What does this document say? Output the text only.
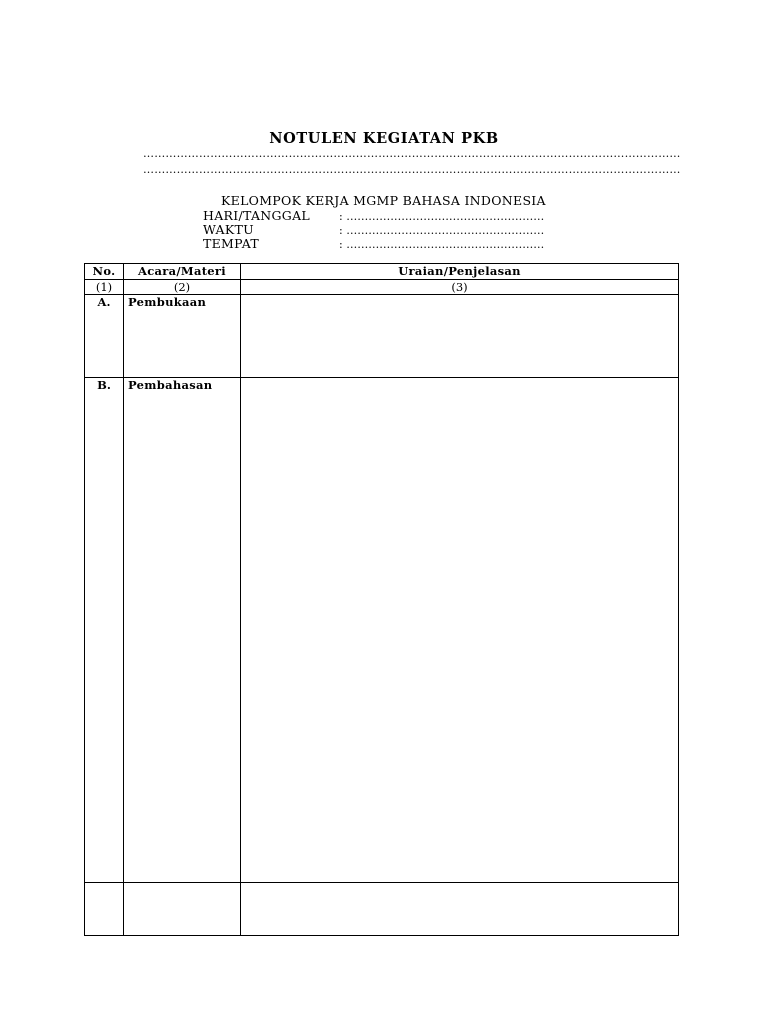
NOTULEN KEGIATAN PKB
………………………………………………………………………………………………………………………………
………………………………………………………………………………………………………………………………
KELOMPOK KERJA MGMP BAHASA INDONESIA
HARI/TANGGAL	: ………………………………………………
WAKTU	: ………………………………………………
TEMPAT	: ………………………………………………
No.	Acara/Materi	Uraian/Penjelasan
(1)	(2)	(3)
A.	Pembukaan	
B.	Pembahasan	
